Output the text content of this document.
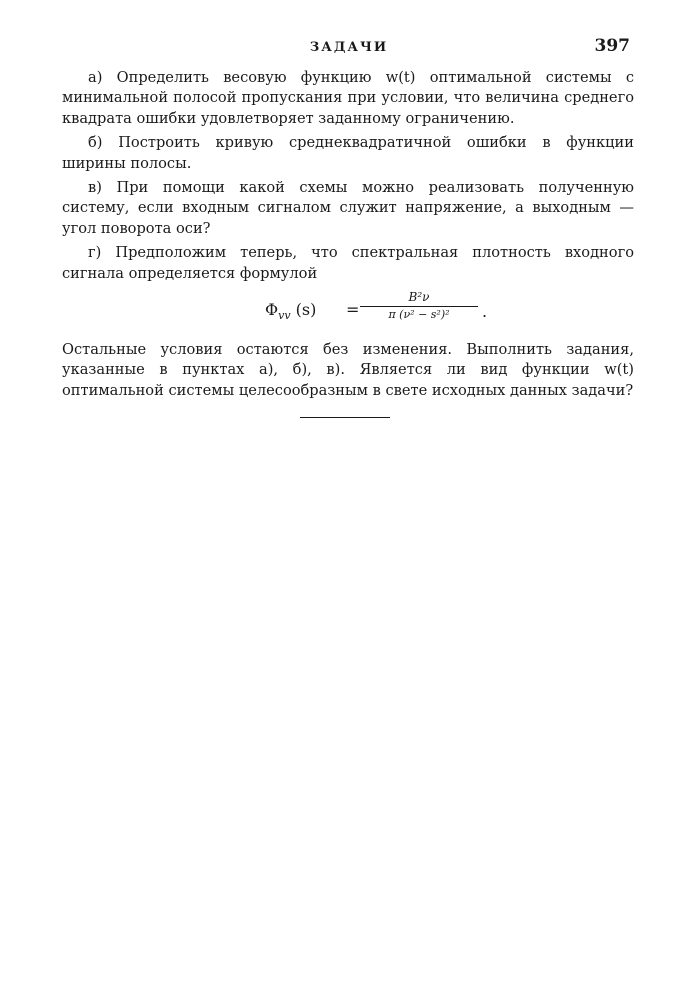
ЗАДАЧИ	397

а) Определить весовую функцию w(t) оптимальной системы с минимальной полосой пропускания при условии, что величина среднего квадрата ошибки удовлетворяет заданному ограничению.

б) Построить кривую среднеквадратичной ошибки в функции ширины полосы.

в) При помощи какой схемы можно реализовать полученную систему, если входным сигналом служит напряжение, а выходным — угол поворота оси?

г) Предположим теперь, что спектральная плотность входного сигнала определяется формулой

$\Phi_{vv}$ (s) =
B²ν
π (ν² − s²)²	.

Остальные условия остаются без изменения. Выполнить задания, указанные в пунктах а), б), в). Является ли вид функции w(t) оптимальной системы целесообразным в свете исходных данных задачи?
